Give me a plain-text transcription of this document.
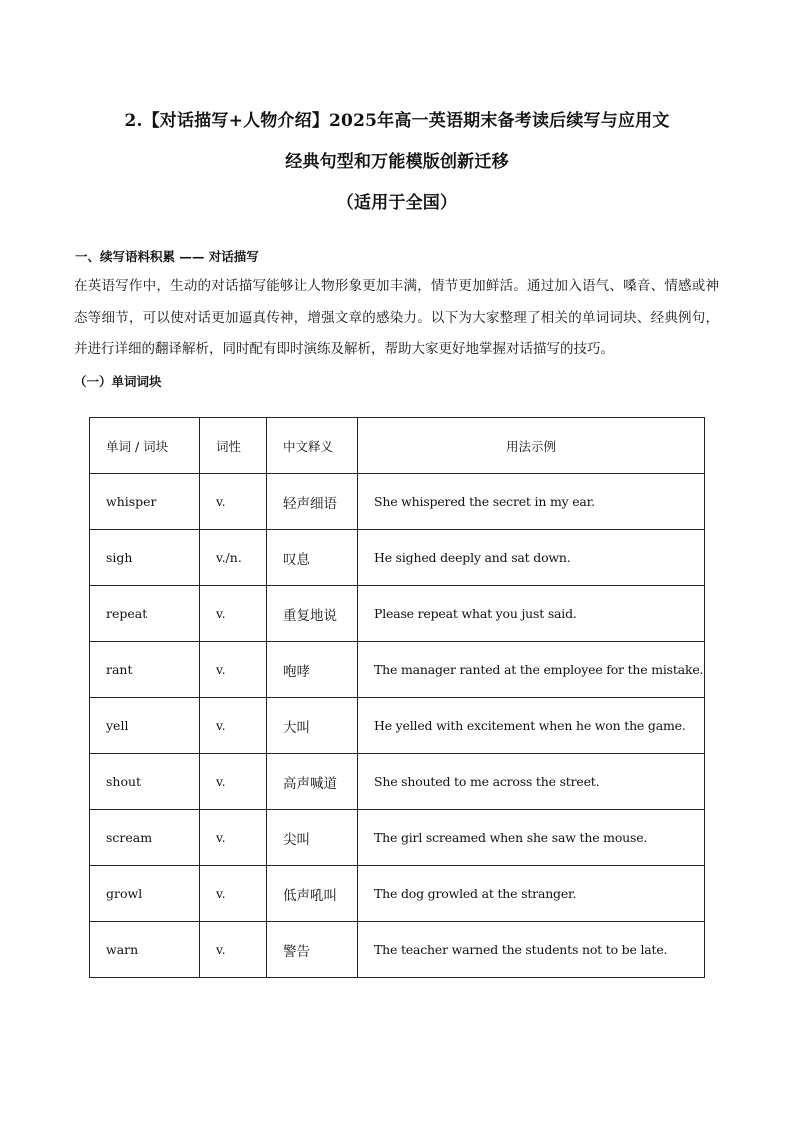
2.【对话描写+人物介绍】2025年高一英语期末备考读后续写与应用文
经典句型和万能模版创新迁移
（适用于全国）
一、续写语料积累 —— 对话描写

在英语写作中，生动的对话描写能够让人物形象更加丰满，情节更加鲜活。通过加入语气、嗓音、情感或神态等细节，可以使对话更加逼真传神，增强文章的感染力。以下为大家整理了相关的单词词块、经典例句，并进行详细的翻译解析，同时配有即时演练及解析，帮助大家更好地掌握对话描写的技巧。

（一）单词词块
单词 / 词块	词性	中文释义	用法示例
whisper	v.	轻声细语	She whispered the secret in my ear.
sigh	v./n.	叹息	He sighed deeply and sat down.
repeat	v.	重复地说	Please repeat what you just said.
rant	v.	咆哮	The manager ranted at the employee for the mistake.
yell	v.	大叫	He yelled with excitement when he won the game.
shout	v.	高声喊道	She shouted to me across the street.
scream	v.	尖叫	The girl screamed when she saw the mouse.
growl	v.	低声吼叫	The dog growled at the stranger.
warn	v.	警告	The teacher warned the students not to be late.
